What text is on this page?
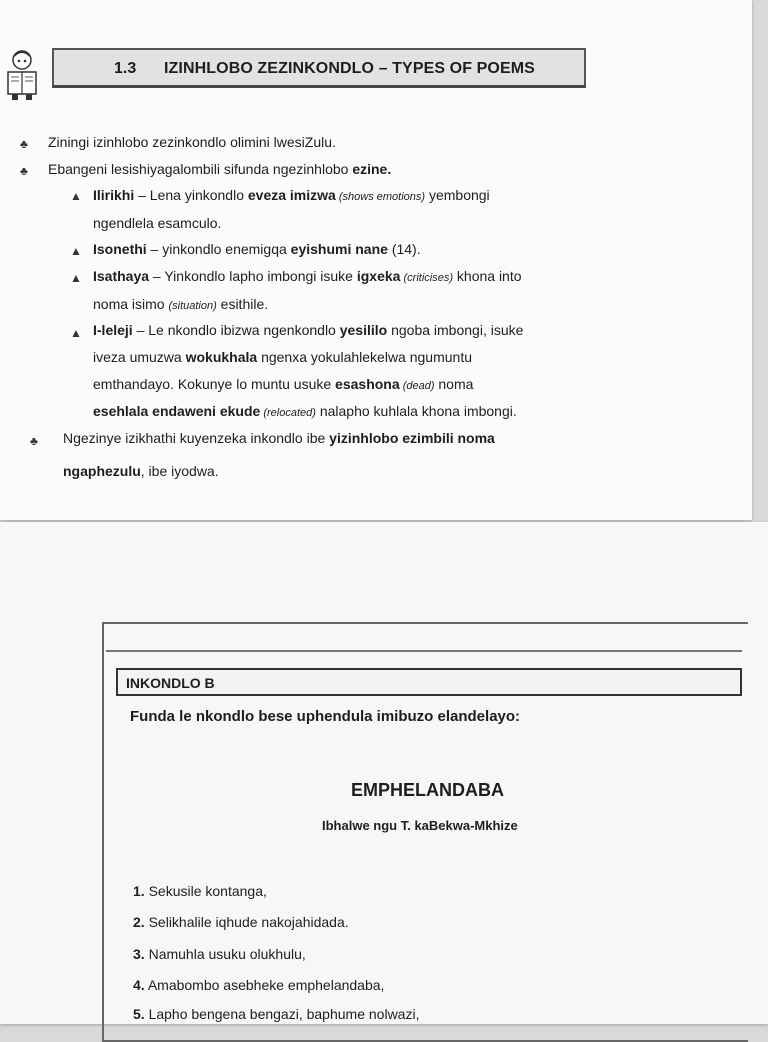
1.3 IZINHLOBO ZEZINKONDLO – TYPES OF POEMS
♣ Ziningi izinhlobo zezinkondlo olimini lwesiZulu.
♣ Ebangeni lesishiyagalombili sifunda ngezinhlobo ezine.
▲ Ilirikhi – Lena yinkondlo eveza imizwa (shows emotions) yembongi
ngendlela esamculo.
▲ Isonethi – yinkondlo enemigqa eyishumi nane (14).
▲ Isathaya – Yinkondlo lapho imbongi isuke igxeka (criticises) khona into
noma isimo (situation) esithile.
▲ I-leleji – Le nkondlo ibizwa ngenkondlo yesililo ngoba imbongi, isuke
iveza umuzwa wokukhala ngenxa yokulahlekelwa ngumuntu
emthandayo. Kokunye lo muntu usuke esashona (dead) noma
esehlala endaweni ekude (relocated) nalapho kuhlala khona imbongi.
♣ Ngezinye izikhathi kuyenzeka inkondlo ibe yizinhlobo ezimbili noma
ngaphezulu, ibe iyodwa.
INKONDLO B
Funda le nkondlo bese uphendula imibuzo elandelayo:
EMPHELANDABA
Ibhalwe ngu T. kaBekwa-Mkhize
1. Sekusile kontanga,
2. Selikhalile iqhude nakojahidada.
3. Namuhla usuku olukhulu,
4. Amabombo asebheke emphelandaba,
5. Lapho bengena bengazi, baphume nolwazi,
